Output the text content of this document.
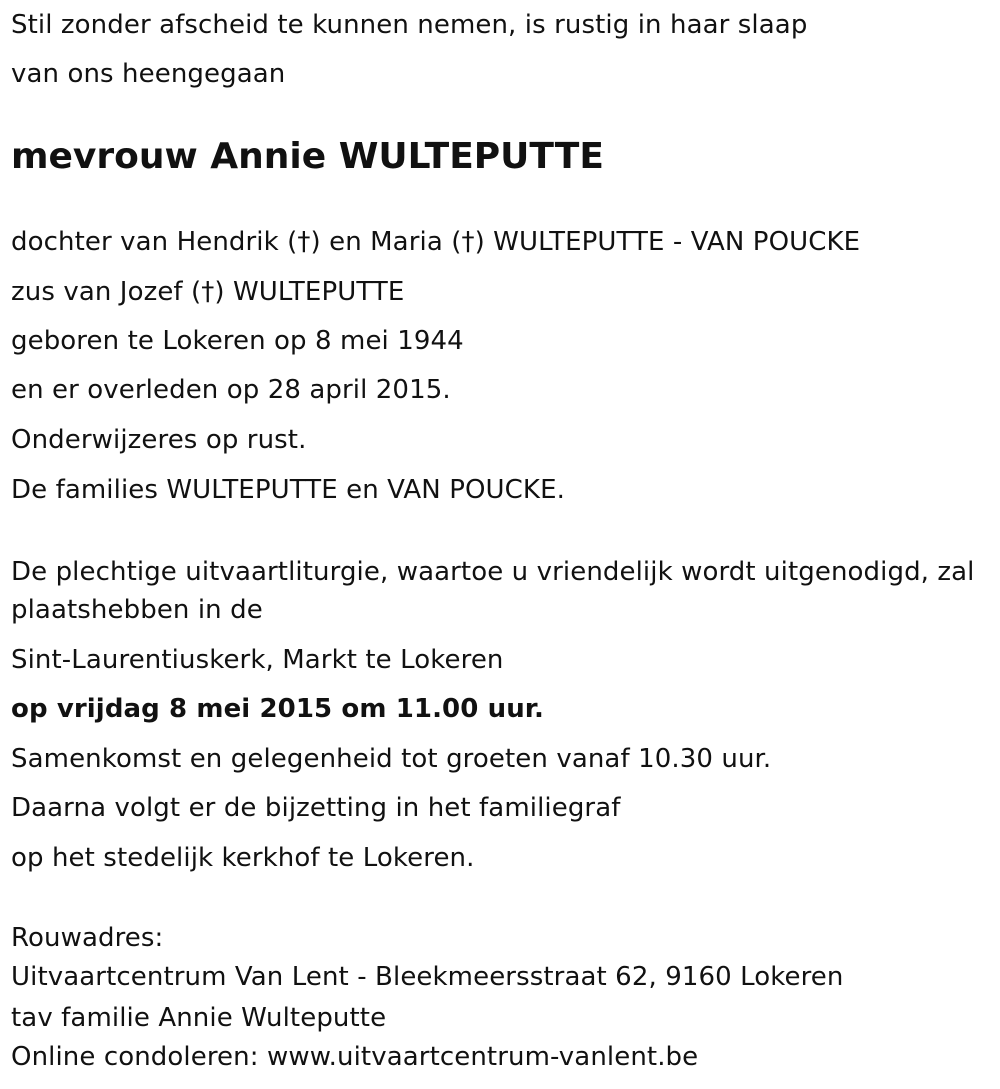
Stil zonder afscheid te kunnen nemen, is rustig in haar slaap
van ons heengegaan
mevrouw Annie WULTEPUTTE
dochter van Hendrik (†) en Maria (†) WULTEPUTTE - VAN POUCKE
zus van Jozef (†) WULTEPUTTE
geboren te Lokeren op 8 mei 1944
en er overleden op 28 april 2015.
Onderwijzeres op rust.
De families WULTEPUTTE en VAN POUCKE.
De plechtige uitvaartliturgie, waartoe u vriendelijk wordt uitgenodigd, zal
plaatshebben in de
Sint-Laurentiuskerk, Markt te Lokeren
op vrijdag 8 mei 2015 om 11.00 uur.
Samenkomst en gelegenheid tot groeten vanaf 10.30 uur.
Daarna volgt er de bijzetting in het familiegraf
op het stedelijk kerkhof te Lokeren.
Rouwadres:
Uitvaartcentrum Van Lent - Bleekmeersstraat 62, 9160 Lokeren
tav familie Annie Wulteputte
Online condoleren: www.uitvaartcentrum-vanlent.be
